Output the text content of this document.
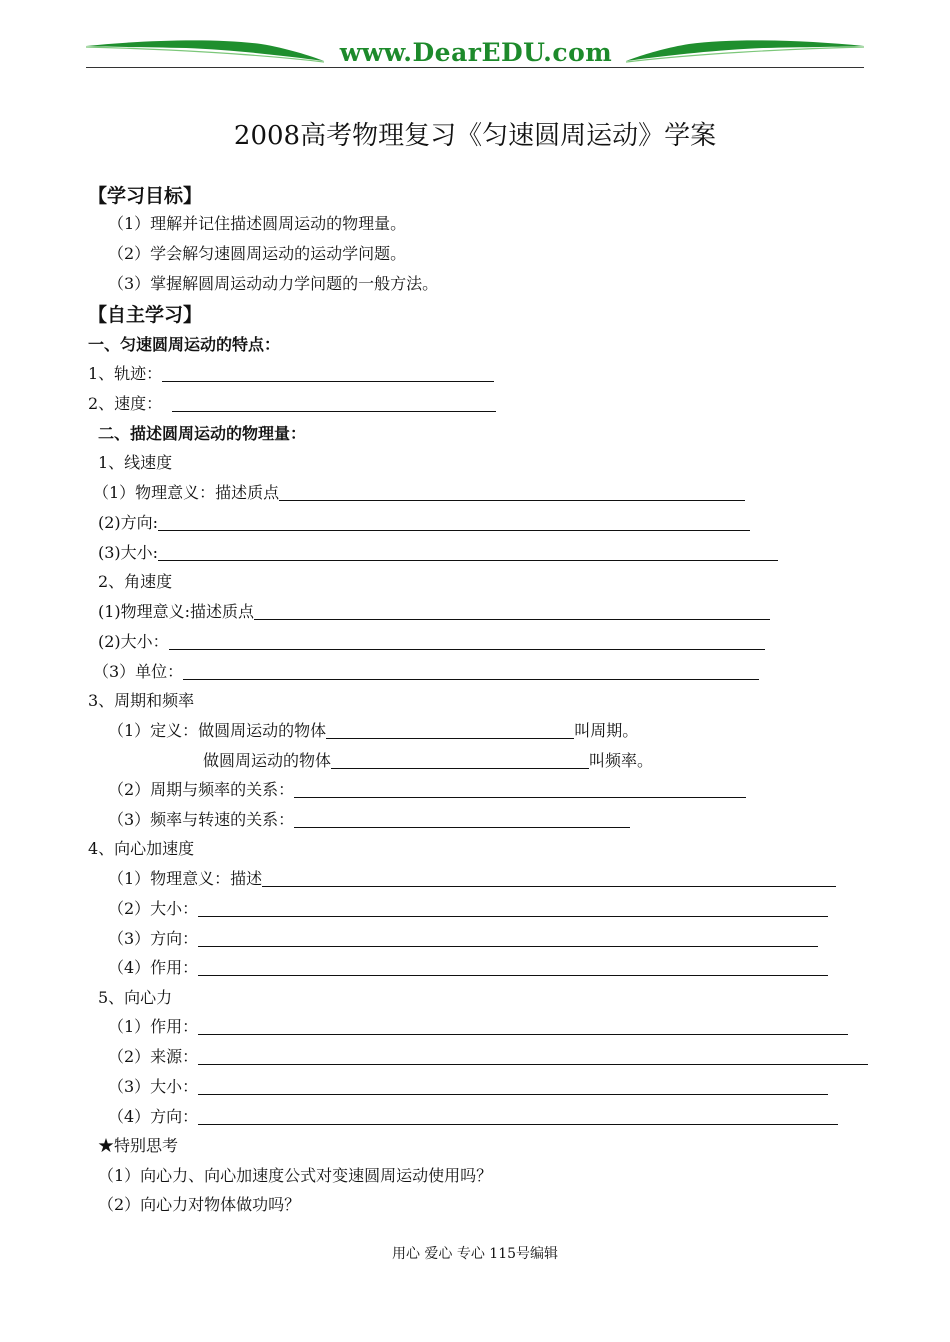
www.DearEDU.com
2008高考物理复习《匀速圆周运动》学案
【学习目标】
（1）理解并记住描述圆周运动的物理量。
（2）学会解匀速圆周运动的运动学问题。
（3）掌握解圆周运动动力学问题的一般方法。
【自主学习】
一、匀速圆周运动的特点：
1、轨迹：
2、速度：
二、描述圆周运动的物理量：
1、线速度
（1）物理意义：描述质点
(2)方向:
(3)大小:
2、角速度
(1)物理意义:描述质点
(2)大小：
（3）单位：
3、周期和频率
（1）定义：做圆周运动的物体	叫周期。
做圆周运动的物体	叫频率。
（2）周期与频率的关系：
（3）频率与转速的关系：
4、向心加速度
（1）物理意义：描述
（2）大小：
（3）方向：
（4）作用：
5、向心力
（1）作用：
（2）来源：
（3）大小：
（4）方向：
★特别思考
（1）向心力、向心加速度公式对变速圆周运动使用吗？
（2）向心力对物体做功吗？
用心 爱心 专心 115号编辑
